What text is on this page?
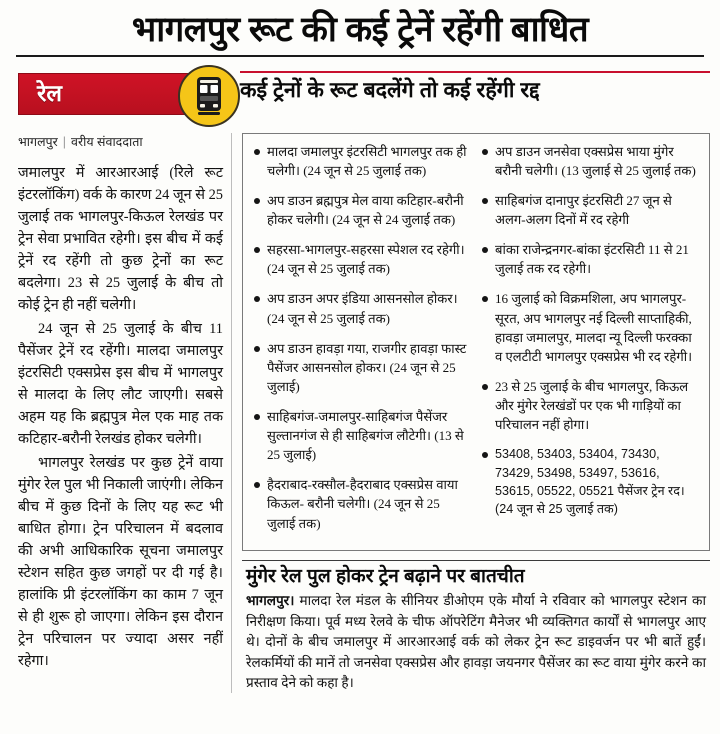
भागलपुर रूट की कई ट्रेनें रहेंगी बाधित
रेल	कई ट्रेनों के रूट बदलेंगे तो कई रहेंगी रद्द
भागलपुर | वरीय संवाददाता

जमालपुर में आरआरआई (रिले रूट इंटरलॉकिंग) वर्क के कारण 24 जून से 25 जुलाई तक भागलपुर-किऊल रेलखंड पर ट्रेन सेवा प्रभावित रहेगी। इस बीच में कई ट्रेनें रद रहेंगी तो कुछ ट्रेनों का रूट बदलेगा। 23 से 25 जुलाई के बीच तो कोई ट्रेन ही नहीं चलेगी।

24 जून से 25 जुलाई के बीच 11 पैसेंजर ट्रेनें रद रहेंगी। मालदा जमालपुर इंटरसिटी एक्सप्रेस इस बीच में भागलपुर से मालदा के लिए लौट जाएगी। सबसे अहम यह कि ब्रह्मपुत्र मेल एक माह तक कटिहार-बरौनी रेलखंड होकर चलेगी।

भागलपुर रेलखंड पर कुछ ट्रेनें वाया मुंगेर रेल पुल भी निकाली जाएंगी। लेकिन बीच में कुछ दिनों के लिए यह रूट भी बाधित होगा। ट्रेन परिचालन में बदलाव की अभी आधिकारिक सूचना जमालपुर स्टेशन सहित कुछ जगहों पर दी गई है। हालांकि प्री इंटरलॉकिंग का काम 7 जून से ही शुरू हो जाएगा। लेकिन इस दौरान ट्रेन परिचालन पर ज्यादा असर नहीं रहेगा।

मालदा जमालपुर इंटरसिटी भागलपुर तक ही चलेगी। (24 जून से 25 जुलाई तक)
अप डाउन ब्रह्मपुत्र मेल वाया कटिहार-बरौनी होकर चलेगी। (24 जून से 24 जुलाई तक)
सहरसा-भागलपुर-सहरसा स्पेशल रद रहेगी। (24 जून से 25 जुलाई तक)
अप डाउन अपर इंडिया आसनसोल होकर। (24 जून से 25 जुलाई तक)
अप डाउन हावड़ा गया, राजगीर हावड़ा फास्ट पैसेंजर आसनसोल होकर। (24 जून से 25 जुलाई)
साहिबगंज-जमालपुर-साहिबगंज पैसेंजर सुल्तानगंज से ही साहिबगंज लौटेगी। (13 से 25 जुलाई)
हैदराबाद-रक्सौल-हैदराबाद एक्सप्रेस वाया किऊल- बरौनी चलेगी। (24 जून से 25 जुलाई तक)
अप डाउन जनसेवा एक्सप्रेस भाया मुंगेर बरौनी चलेगी। (13 जुलाई से 25 जुलाई तक)
साहिबगंज दानापुर इंटरसिटी 27 जून से अलग-अलग दिनों में रद रहेगी
बांका राजेन्द्रनगर-बांका इंटरसिटी 11 से 21 जुलाई तक रद रहेगी।
16 जुलाई को विक्रमशिला, अप भागलपुर-सूरत, अप भागलपुर नई दिल्ली साप्ताहिकी, हावड़ा जमालपुर, मालदा न्यू दिल्ली फरक्का व एलटीटी भागलपुर एक्सप्रेस भी रद रहेगी।
23 से 25 जुलाई के बीच भागलपुर, किऊल और मुंगेर रेलखंडों पर एक भी गाड़ियों का परिचालन नहीं होगा।
53408, 53403, 53404, 73430, 73429, 53498, 53497, 53616, 53615, 05522, 05521 पैसेंजर ट्रेन रद। (24 जून से 25 जुलाई तक)
मुंगेर रेल पुल होकर ट्रेन बढ़ाने पर बातचीत

भागलपुर। मालदा रेल मंडल के सीनियर डीओएम एके मौर्या ने रविवार को भागलपुर स्टेशन का निरीक्षण किया। पूर्व मध्य रेलवे के चीफ ऑपरेटिंग मैनेजर भी व्यक्तिगत कार्यों से भागलपुर आए थे। दोनों के बीच जमालपुर में आरआरआई वर्क को लेकर ट्रेन रूट डाइवर्जन पर भी बातें हुईं। रेलकर्मियों की मानें तो जनसेवा एक्सप्रेस और हावड़ा जयनगर पैसेंजर का रूट वाया मुंगेर करने का प्रस्ताव देने को कहा है।
